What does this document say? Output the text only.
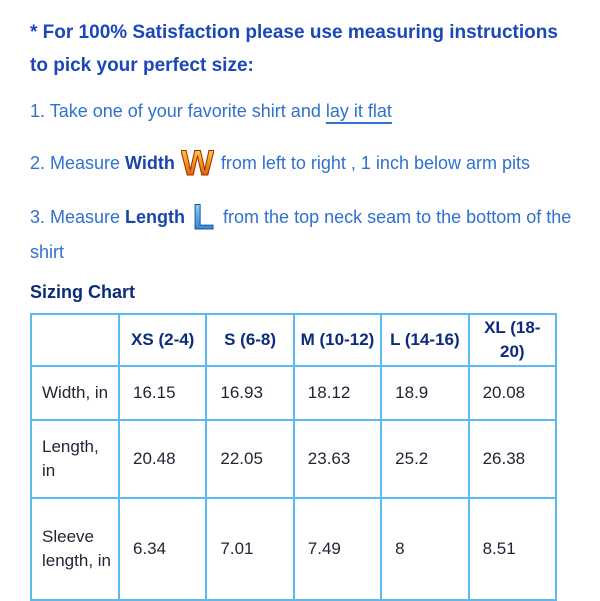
* For 100% Satisfaction please use measuring instructions
to pick your perfect size:
1. Take one of your favorite shirt and lay it flat
2. Measure Width W from left to right , 1 inch below arm pits
3. Measure Length L from the top neck seam to the bottom of the shirt
Sizing Chart
	XS (2-4)	S (6-8)	M (10-12)	L (14-16)	XL (18-20)
Width, in	16.15	16.93	18.12	18.9	20.08
Length, in	20.48	22.05	23.63	25.2	26.38
Sleeve length, in	6.34	7.01	7.49	8	8.51
